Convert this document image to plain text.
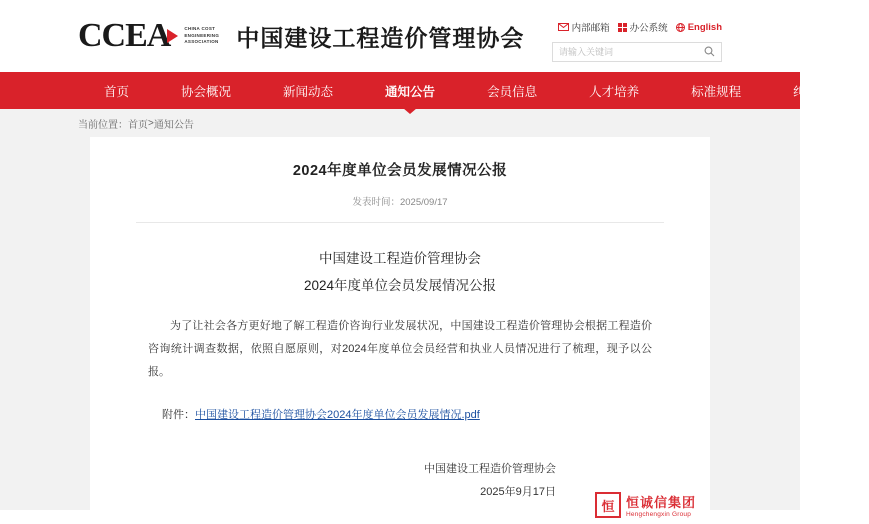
CCEA	CHINA COST ENGINEERING ASSOCIATION 中国建设工程造价管理协会	内部邮箱 办公系统 English
请输入关键词
首页	协会概况	新闻动态	通知公告	会员信息	人才培养	标准规程	纠纷调解
当前位置： 首页 > 通知公告
2024年度单位会员发展情况公报
发表时间：2025/09/17
中国建设工程造价管理协会
2024年度单位会员发展情况公报
为了让社会各方更好地了解工程造价咨询行业发展状况，中国建设工程造价管理协会根据工程造价咨询统计调查数据，依照自愿原则，对2024年度单位会员经营和执业人员情况进行了梳理，现予以公报。
附件：中国建设工程造价管理协会2024年度单位会员发展情况.pdf
中国建设工程造价管理协会
2025年9月17日
恒 恒诚信集团
Hengchengxin Group
